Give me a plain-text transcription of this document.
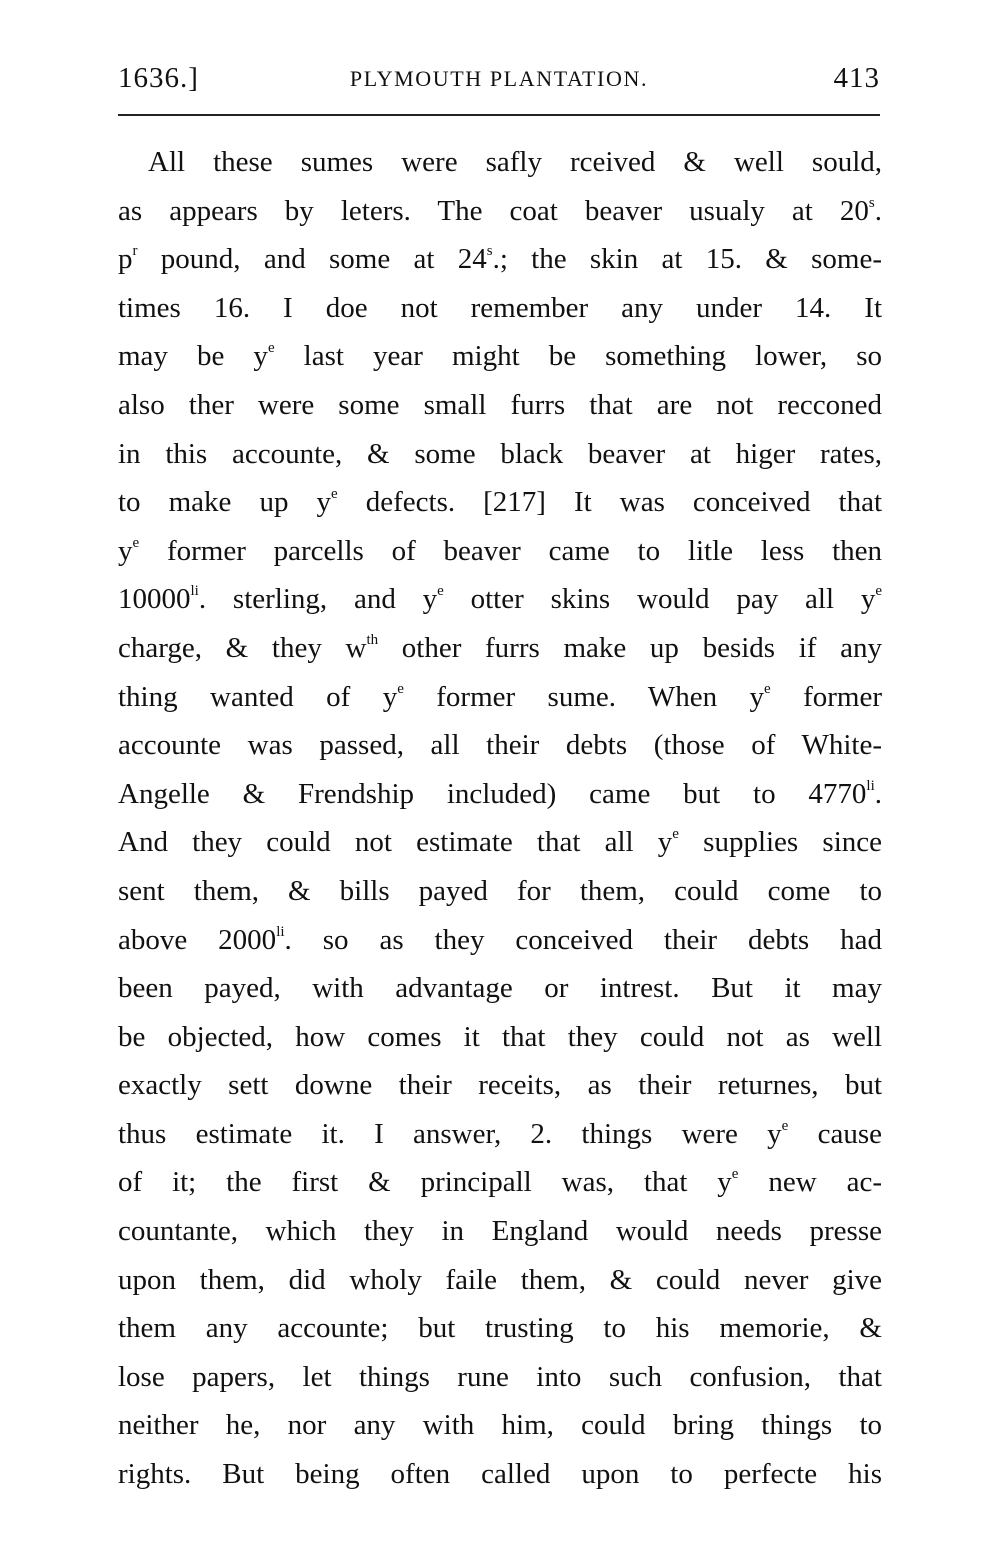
1636.]	PLYMOUTH PLANTATION.	413
All these sumes were safly rceived & well sould,
as appears by leters. The coat beaver usualy at 20$^s$.
$p^r$ pound, and some at 24$^s$.; the skin at 15. & some-
times 16. I doe not remember any under 14. It
may be $y^e$ last year might be something lower, so
also ther were some small furrs that are not recconed
in this accounte, & some black beaver at higer rates,
to make up $y^e$ defects. [217] It was conceived that
$y^e$ former parcells of beaver came to litle less then
$10000^{li}$. sterling, and $y^e$ otter skins would pay all $y^e$
charge, & they $w^{th}$ other furrs make up besids if any
thing wanted of $y^e$ former sume. When $y^e$ former
accounte was passed, all their debts (those of White-
Angelle & Frendship included) came but to $4770^{li}$.
And they could not estimate that all $y^e$ supplies since
sent them, & bills payed for them, could come to
above $2000^{li}$. so as they conceived their debts had
been payed, with advantage or intrest. But it may
be objected, how comes it that they could not as well
exactly sett downe their receits, as their returnes, but
thus estimate it. I answer, 2. things were $y^e$ cause
of it; the first & principall was, that $y^e$ new ac-
countante, which they in England would needs presse
upon them, did wholy faile them, & could never give
them any accounte; but trusting to his memorie, &
lose papers, let things rune into such confusion, that
neither he, nor any with him, could bring things to
rights. But being often called upon to perfecte his
